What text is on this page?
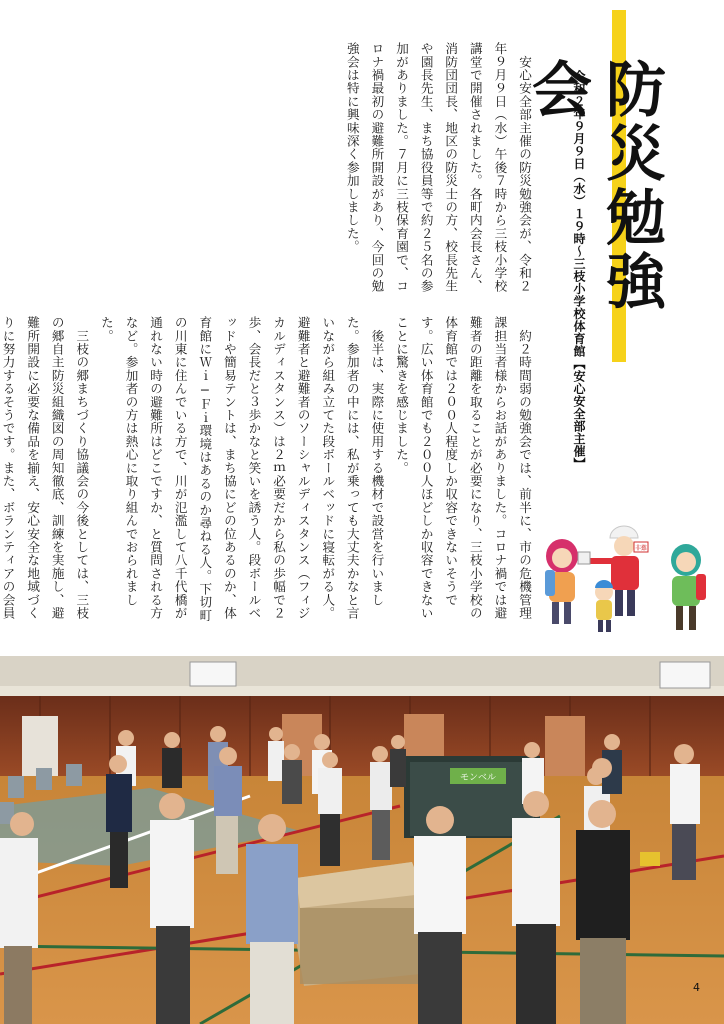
　安心安全部主催の防災勉強会が、令和２年９月９日（水）午後７時から三枝小学校講堂で開催されました。各町内会長さん、消防団団長、地区の防災士の方、校長先生や園長先生、まち協役員等で約２５名の参加がありました。７月に三枝保育園で、コロナ禍最初の避難所開設があり、今回の勉強会は特に興味深く参加しました。
　約２時間弱の勉強会では、前半に、市の危機管理課担当者様からお話がありました。コロナ禍では避難者の距離を取ることが必要になり、三枝小学校の体育館では２００人程度しか収容できないそうです。広い体育館でも２００人ほどしか収容できないことに驚きを感じました。
　後半は、実際に使用する機材で設営を行いました。参加者の中には、私が乗っても大丈夫かなと言いながら組み立てた段ボールベッドに寝転がる人。避難者と避難者のソーシャルディスタンス（フィジカルディスタンス）は２ｍ必要だから私の歩幅で２歩、会長だと３歩かなと笑いを誘う人。段ボールベッドや簡易テントは、まち協にどの位あるのか、体育館にＷｉ−Ｆｉ環境はあるのか尋ねる人。下切町の川東に住んでいる方で、川が氾濫して八千代橋が通れない時の避難所はどこですか、と質問される方など。参加者の方は熱心に取り組んでおられました。
　三枝の郷まちづくり協議会の今後としては、三枝の郷自主防災組織図の周知徹底、訓練を実施し、避難所開設に必要な備品を揃え、安心安全な地域づくりに努力するそうです。また、ボランティアの会員

防災勉強会
令和２年９月９日（水）１９時〜三枝小学校体育館【安心安全部主催】
非難
モンベル
4
